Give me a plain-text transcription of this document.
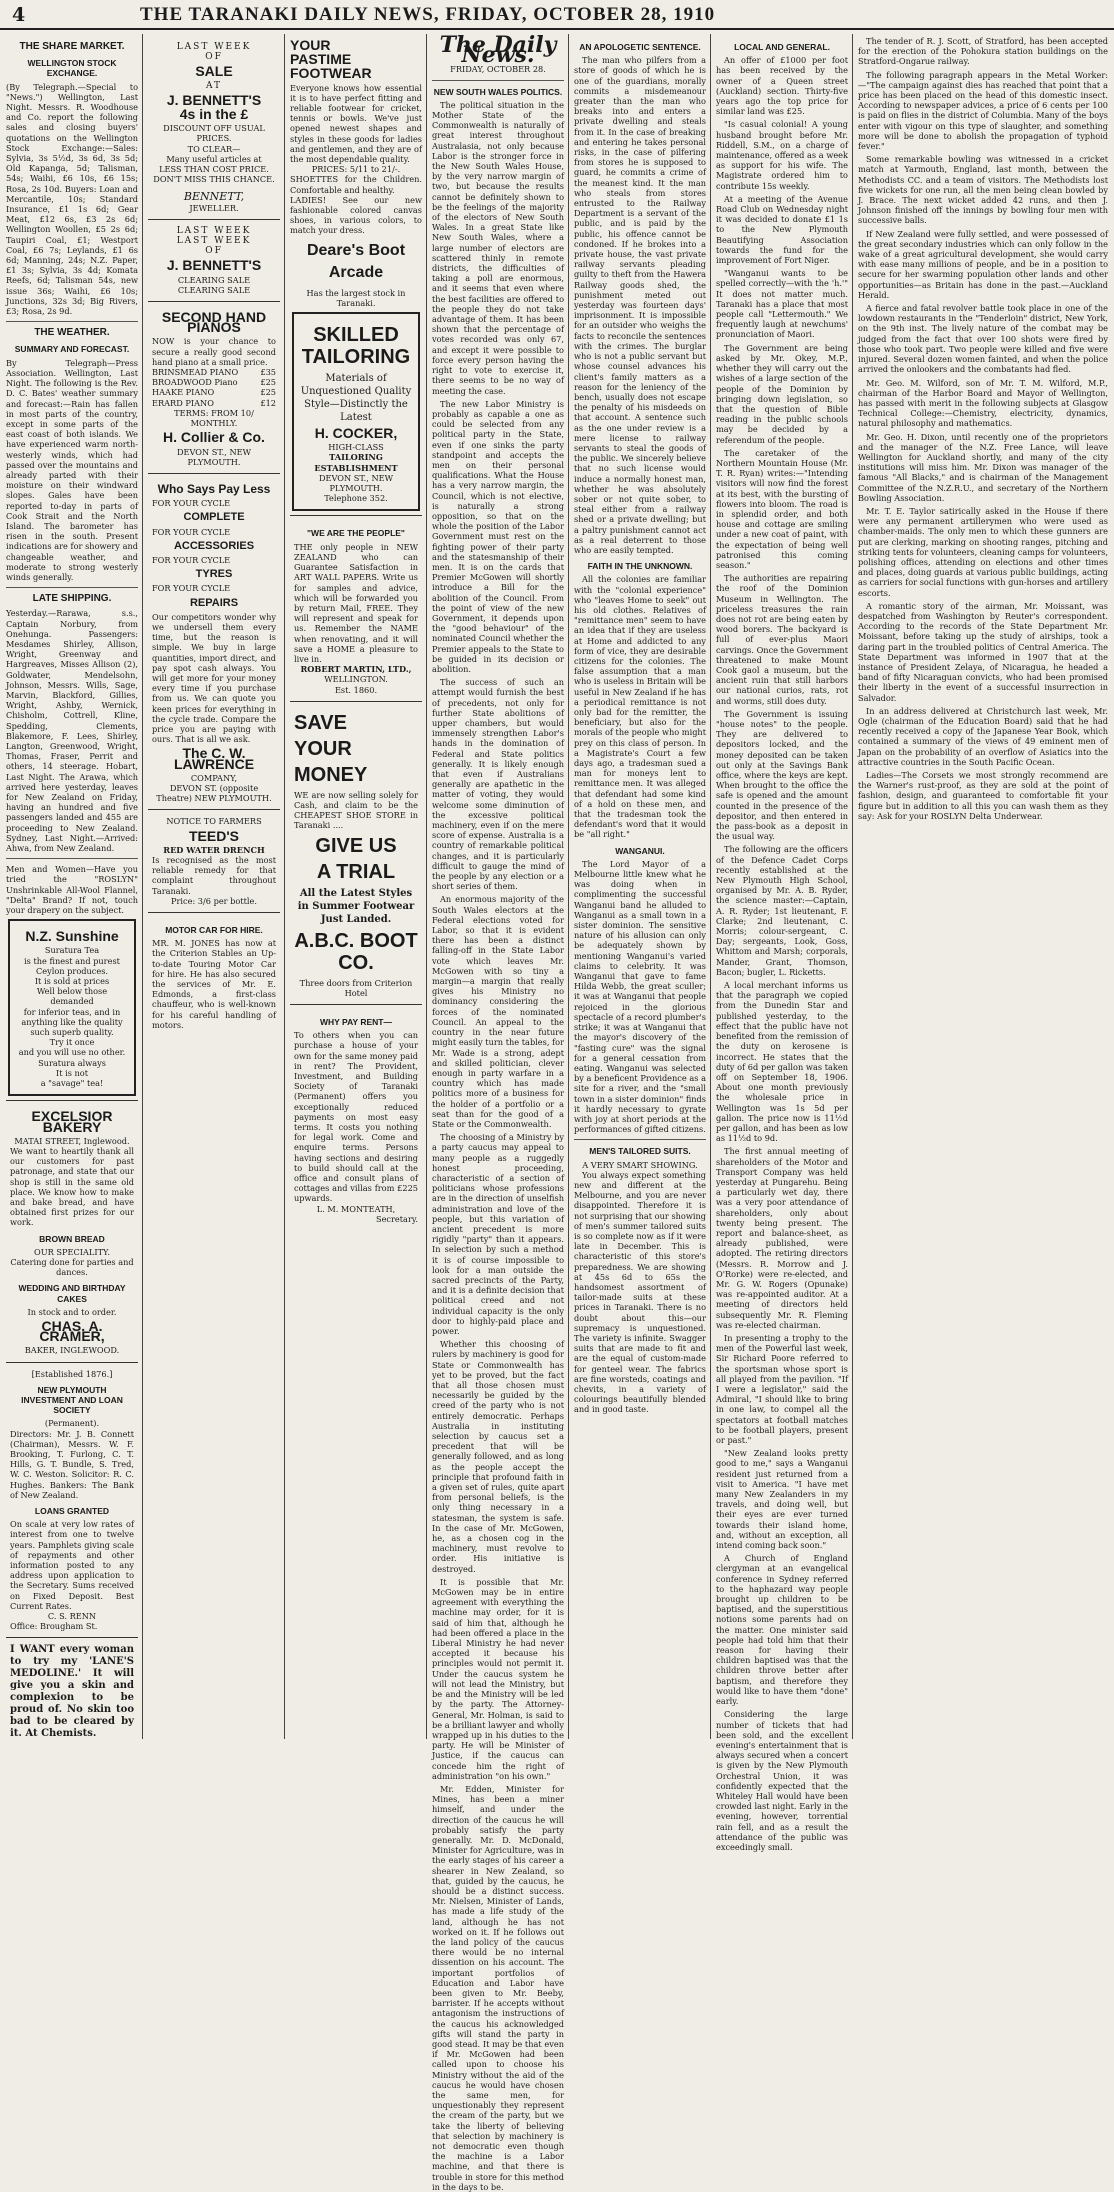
4	THE TARANAKI DAILY NEWS, FRIDAY, OCTOBER 28, 1910
THE SHARE MARKET.
WELLINGTON STOCK EXCHANGE.
(By Telegraph.—Special to "News.") Wellington, Last Night. Messrs. R. Woodhouse and Co. report the following sales and closing buyers' quotations on the Wellington Stock Exchange:—Sales: Sylvia, 3s 5½d, 3s 6d, 3s 5d; Old Kapanga, 5d; Talisman, 54s; Waihi, £6 10s, £6 15s; Rosa, 2s 10d. Buyers: Loan and Mercantile, 10s; Standard Insurance, £1 1s 6d; Gear Meat, £12 6s, £3 2s 6d; Wellington Woollen, £5 2s 6d; Taupiri Coal, £1; Westport Coal, £6 7s; Leylands, £1 6s 6d; Manning, 24s; N.Z. Paper, £1 3s; Sylvia, 3s 4d; Komata Reefs, 6d; Talisman 54s, new issue 36s; Waihi, £6 10s; Junctions, 32s 3d; Big Rivers, £3; Rosa, 2s 9d.
THE WEATHER.
SUMMARY AND FORECAST.
By Telegraph—Press Association. Wellington, Last Night. The following is the Rev. D. C. Bates' weather summary and forecast:—Rain has fallen in most parts of the country, except in some parts of the east coast of both islands. We have experienced warm north-westerly winds, which had passed over the mountains and already parted with their moisture on their windward slopes. Gales have been reported to-day in parts of Cook Strait and the North Island. The barometer has risen in the south. Present indications are for showery and changeable weather, and moderate to strong westerly winds generally.
LATE SHIPPING.
Yesterday.—Rarawa, s.s., Captain Norbury, from Onehunga. Passengers: Mesdames Shirley, Allison, Wright, Greenway and Hargreaves, Misses Allison (2), Goldwater, Mendelsohn, Johnson, Messrs. Wills, Sage, Marvin, Blackford, Gillies, Wright, Ashby, Wernick, Chisholm, Cottrell, Kline, Spedding, Clements, Blakemore, F. Lees, Shirley, Langton, Greenwood, Wright, Thomas, Fraser, Perrit and others, 14 steerage. Hobart, Last Night. The Arawa, which arrived here yesterday, leaves for New Zealand on Friday, having an hundred and five passengers landed and 455 are proceeding to New Zealand. Sydney, Last Night.—Arrived: Ahwa, from New Zealand.
Men and Women—Have you tried the "ROSLYN" Unshrinkable All-Wool Flannel, "Delta" Brand? If not, touch your drapery on the subject.
N.Z. Sunshine
Suratura Tea
is the finest and purest
Ceylon produces.
It is sold at prices
Well below those demanded
for inferior teas, and in
anything like the quality
such superb quality.
Try it once
and you will use no other.
Suratura always
It is not
a "savage" tea!
EXCELSIOR BAKERY
MATAI STREET, Inglewood.
We want to heartily thank all our customers for past patronage, and state that our shop is still in the same old place. We know how to make and bake bread, and have obtained first prizes for our work.
BROWN BREAD
OUR SPECIALITY.
Catering done for parties and dances.
WEDDING AND BIRTHDAY CAKES
In stock and to order.
CHAS. A. CRAMER,
BAKER, INGLEWOOD.
[Established 1876.]
NEW PLYMOUTH INVESTMENT AND LOAN SOCIETY
(Permanent).
Directors: Mr. J. B. Connett (Chairman), Messrs. W. F. Brooking, T. Furlong, C. T. Hills, G. T. Bundle, S. Tred, W. C. Weston. Solicitor: R. C. Hughes. Bankers: The Bank of New Zealand.
LOANS GRANTED
On scale at very low rates of interest from one to twelve years. Pamphlets giving scale of repayments and other information posted to any address upon application to the Secretary. Sums received on Fixed Deposit. Best Current Rates.
C. S. RENN
Office: Brougham St.
I WANT every woman to try my 'LANE'S MEDOLINE.' It will give you a skin and complexion to be proud of. No skin too bad to be cleared by it. At Chemists.
LAST WEEK
OF
SALE
AT
J. BENNETT'S
4s in the £
DISCOUNT OFF USUAL PRICES.
TO CLEAR—
Many useful articles at
LESS THAN COST PRICE.
DON'T MISS THIS CHANCE.
BENNETT,
JEWELLER.
LAST WEEK
LAST WEEK
OF
J. BENNETT'S
CLEARING SALE
CLEARING SALE
SECOND HAND PIANOS
NOW is your chance to secure a really good second hand piano at a small price.
BRINSMEAD PIANO	£35
BROADWOOD Piano	£25
HAAKE PIANO	£25
ERARD PIANO	£12
TERMS: FROM 10/ MONTHLY.
H. Collier & Co.
DEVON ST., NEW PLYMOUTH.
Who Says Pay Less
FOR YOUR CYCLE
COMPLETE
FOR YOUR CYCLE
ACCESSORIES
FOR YOUR CYCLE
TYRES
FOR YOUR CYCLE
REPAIRS
Our competitors wonder why we undersell them every time, but the reason is simple. We buy in large quantities, import direct, and pay spot cash always. You will get more for your money every time if you purchase from us. We can quote you keen prices for everything in the cycle trade. Compare the price you are paying with ours. That is all we ask.
The C. W. LAWRENCE
COMPANY,
DEVON ST. (opposite Theatre) NEW PLYMOUTH.
NOTICE TO FARMERS
TEED'S
RED WATER DRENCH
Is recognised as the most reliable remedy for that complaint throughout Taranaki.
Price: 3/6 per bottle.
MOTOR CAR FOR HIRE.
MR. M. JONES has now at the Criterion Stables an Up-to-date Touring Motor Car for hire. He has also secured the services of Mr. E. Edmonds, a first-class chauffeur, who is well-known for his careful handling of motors.
YOUR
PASTIME
FOOTWEAR
Everyone knows how essential it is to have perfect fitting and reliable footwear for cricket, tennis or bowls. We've just opened newest shapes and styles in these goods for ladies and gentlemen, and they are of the most dependable quality.
PRICES: 5/11 to 21/-.
SHOETTES for the Children. Comfortable and healthy.
LADIES! See our new fashionable colored canvas shoes, in various colors, to match your dress.
Deare's Boot Arcade
Has the largest stock in Taranaki.
SKILLED TAILORING
Materials of Unquestioned Quality Style—Distinctly the Latest
H. COCKER,
HIGH-CLASS
TAILORING ESTABLISHMENT
DEVON ST., NEW PLYMOUTH.
Telephone 352.
"WE ARE THE PEOPLE"
THE only people in NEW ZEALAND who can Guarantee Satisfaction in ART WALL PAPERS. Write us for samples and advice, which will be forwarded you by return Mail, FREE. They will represent and speak for us. Remember the NAME when renovating, and it will save a HOME a pleasure to live in.
ROBERT MARTIN, LTD.,
WELLINGTON.
Est. 1860.
SAVE
YOUR
MONEY
WE are now selling solely for Cash, and claim to be the CHEAPEST SHOE STORE in Taranaki ....
GIVE US
A TRIAL
All the Latest Styles in Summer Footwear Just Landed.
A.B.C. BOOT CO.
Three doors from Criterion Hotel
WHY PAY RENT—
To others when you can purchase a house of your own for the same money paid in rent? The Provident, Investment, and Building Society of Taranaki (Permanent) offers you exceptionally reduced payments on most easy terms. It costs you nothing for legal work. Come and enquire terms. Persons having sections and desiring to build should call at the office and consult plans of cottages and villas from £225 upwards.
L. M. MONTEATH,
Secretary.
The Daily News.
FRIDAY, OCTOBER 28.
NEW SOUTH WALES POLITICS.

The political situation in the Mother State of the Commonwealth is naturally of great interest throughout Australasia, not only because Labor is the stronger force in the New South Wales House, by the very narrow margin of two, but because the results cannot be definitely shown to be the feelings of the majority of the electors of New South Wales. In a great State like New South Wales, where a large number of electors are scattered thinly in remote districts, the difficulties of taking a poll are enormous, and it seems that even where the best facilities are offered to the people they do not take advantage of them. It has been shown that the percentage of votes recorded was only 67, and except it were possible to force every person having the right to vote to exercise it, there seems to be no way of meeting the case.

The new Labor Ministry is probably as capable a one as could be selected from any political party in the State, even if one sinks the party standpoint and accepts the men on their personal qualifications. What the House has a very narrow margin, the Council, which is not elective, is naturally a strong opposition, so that on the whole the position of the Labor Government must rest on the fighting power of their party and the statesmanship of their men. It is on the cards that Premier McGowen will shortly introduce a Bill for the abolition of the Council. From the point of view of the new Government, it depends upon the "good behaviour" of the nominated Council whether the Premier appeals to the State to be guided in its decision or abolition.

The success of such an attempt would furnish the best of precedents, not only for further State abolitions of upper chambers, but would immensely strengthen Labor's hands in the domination of Federal and State politics generally. It is likely enough that even if Australians generally are apathetic in the matter of voting, they would welcome some diminution of the excessive political machinery, even if on the mere score of expense. Australia is a country of remarkable political changes, and it is particularly difficult to gauge the mind of the people by any election or a short series of them.

An enormous majority of the South Wales electors at the Federal elections voted for Labor, so that it is evident there has been a distinct falling-off in the State Labor vote which leaves Mr. McGowen with so tiny a margin—a margin that really gives his Ministry no dominancy considering the forces of the nominated Council. An appeal to the country in the near future might easily turn the tables, for Mr. Wade is a strong, adept and skilled politician, clever enough in party warfare in a country which has made politics more of a business for the holder of a portfolio or a seat than for the good of a State or the Commonwealth.

The choosing of a Ministry by a party caucus may appeal to many people as a ruggedly honest proceeding, characteristic of a section of politicians whose professions are in the direction of unselfish administration and love of the people, but this variation of ancient precedent is more rigidly "party" than it appears. In selection by such a method it is of course impossible to look for a man outside the sacred precincts of the Party, and it is a definite decision that political creed and not individual capacity is the only door to highly-paid place and power.

Whether this choosing of rulers by machinery is good for State or Commonwealth has yet to be proved, but the fact that all those chosen must necessarily be guided by the creed of the party who is not entirely democratic. Perhaps Australia in instituting selection by caucus set a precedent that will be generally followed, and as long as the people accept the principle that profound faith in a given set of rules, quite apart from personal beliefs, is the only thing necessary in a statesman, the system is safe. In the case of Mr. McGowen, he, as a chosen cog in the machinery, must revolve to order. His initiative is destroyed.

It is possible that Mr. McGowen may be in entire agreement with everything the machine may order, for it is said of him that, although he had been offered a place in the Liberal Ministry he had never accepted it because his principles would not permit it. Under the caucus system he will not lead the Ministry, but be and the Ministry will be led by the party. The Attorney-General, Mr. Holman, is said to be a brilliant lawyer and wholly wrapped up in his duties to the party. He will be Minister of Justice, if the caucus can concede him the right of administration "on his own."

Mr. Edden, Minister for Mines, has been a miner himself, and under the direction of the caucus he will probably satisfy the party generally. Mr. D. McDonald, Minister for Agriculture, was in the early stages of his career a shearer in New Zealand, so that, guided by the caucus, he should be a distinct success. Mr. Nielsen, Minister of Lands, has made a life study of the land, although he has not worked on it. If he follows out the land policy of the caucus there would be no internal dissention on his account. The important portfolios of Education and Labor have been given to Mr. Beeby, barrister. If he accepts without antagonism the instructions of the caucus his acknowledged gifts will stand the party in good stead. It may be that even if Mr. McGowen had been called upon to choose his Ministry without the aid of the caucus he would have chosen the same men, for unquestionably they represent the cream of the party, but we take the liberty of believing that selection by machinery is not democratic even though the machine is a Labor machine, and that there is trouble in store for this method in the days to be.

AN APOLOGETIC SENTENCE.

The man who pilfers from a store of goods of which he is one of the guardians, morally commits a misdemeanour greater than the man who breaks into and enters a private dwelling and steals from it. In the case of breaking and entering he takes personal risks, in the case of pilfering from stores he is supposed to guard, he commits a crime of the meanest kind. It the man who steals from stores entrusted to the Railway Department is a servant of the public, and is paid by the public, his offence cannot be condoned. If he brokes into a private house, the vast private railway servants pleading guilty to theft from the Hawera Railway goods shed, the punishment meted out yesterday was fourteen days' imprisonment. It is impossible for an outsider who weighs the facts to reconcile the sentences with the crimes. The burglar who is not a public servant but whose counsel advances his client's family matters as a reason for the leniency of the bench, usually does not escape the penalty of his misdeeds on that account. A sentence such as the one under review is a mere license to railway servants to steal the goods of the public. We sincerely believe that no such license would induce a normally honest man, whether he was absolutely sober or not quite sober, to steal either from a railway shed or a private dwelling; but a paltry punishment cannot act as a real deterrent to those who are easily tempted.

FAITH IN THE UNKNOWN.

All the colonies are familiar with the "colonial experience" who "leaves Home to seek" out his old clothes. Relatives of "remittance men" seem to have an idea that if they are useless at Home and addicted to any form of vice, they are desirable citizens for the colonies. The false assumption that a man who is useless in Britain will be useful in New Zealand if he has a periodical remittance is not only bad for the remitter, the beneficiary, but also for the morals of the people who might prey on this class of person. In a Magistrate's Court a few days ago, a tradesman sued a man for moneys lent to remittance men. It was alleged that defendant had some kind of a hold on these men, and that the tradesman took the defendant's word that it would be "all right."

WANGANUI.

The Lord Mayor of a Melbourne little knew what he was doing when in complimenting the successful Wanganui band he alluded to Wanganui as a small town in a sister dominion. The sensitive nature of his allusion can only be adequately shown by mentioning Wanganui's varied claims to celebrity. It was Wanganui that gave to fame Hilda Webb, the great sculler; it was at Wanganui that people rejoiced in the glorious spectacle of a record plumber's strike; it was at Wanganui that the mayor's discovery of the "fasting cure" was the signal for a general cessation from eating. Wanganui was selected by a beneficent Providence as a site for a river, and the "small town in a sister dominion" finds it hardly necessary to gyrate with joy at short periods at the performances of gifted citizens.

MEN'S TAILORED SUITS.
A VERY SMART SHOWING.

You always expect something new and different at the Melbourne, and you are never disappointed. Therefore it is not surprising that our showing of men's summer tailored suits is so complete now as if it were late in December. This is characteristic of this store's preparedness. We are showing at 45s 6d to 65s the handsomest assortment of tailor-made suits at these prices in Taranaki. There is no doubt about this—our supremacy is unquestioned. The variety is infinite. Swagger suits that are made to fit and are the equal of custom-made for genteel wear. The fabrics are fine worsteds, coatings and chevits, in a variety of colourings beautifully blended and in good taste.

LOCAL AND GENERAL.

An offer of £1000 per foot has been received by the owner of a Queen street (Auckland) section. Thirty-five years ago the top price for similar land was £25.

"Is casual colonial! A young husband brought before Mr. Riddell, S.M., on a charge of maintenance, offered as a week as support for his wife. The Magistrate ordered him to contribute 15s weekly.

At a meeting of the Avenue Road Club on Wednesday night it was decided to donate £1 1s to the New Plymouth Beautifying Association towards the fund for the improvement of Fort Niger.

"Wanganui wants to be spelled correctly—with the 'h.'" It does not matter much. Taranaki has a place that most people call "Lettermouth." We frequently laugh at newchums' pronunciation of Maori.

The Government are being asked by Mr. Okey, M.P., whether they will carry out the wishes of a large section of the people of the Dominion by bringing down legislation, so that the question of Bible reading in the public schools may be decided by a referendum of the people.

The caretaker of the Northern Mountain House (Mr. T. R. Ryan) writes:—"Intending visitors will now find the forest at its best, with the bursting of flowers into bloom. The road is in splendid order, and both house and cottage are smiling under a new coat of paint, with the expectation of being well patronised this coming season."

The authorities are repairing the roof of the Dominion Museum in Wellington. The priceless treasures the rain does not rot are being eaten by wood borers. The backyard is full of ever-plus Maori carvings. Once the Government threatened to make Mount Cook gaol a museum, but the ancient ruin that still harbors our national curios, rats, rot and worms, still does duty.

The Government is issuing "house notes" to the people. They are delivered to depositors locked, and the money deposited can be taken out only at the Savings Bank office, where the keys are kept. When brought to the office the safe is opened and the amount counted in the presence of the depositor, and then entered in the pass-book as a deposit in the usual way.

The following are the officers of the Defence Cadet Corps recently established at the New Plymouth High School, organised by Mr. A. B. Ryder, the science master:—Captain, A. R. Ryder; 1st lieutenant, F. Clarke; 2nd lieutenant, C. Morris; colour-sergeant, C. Day; sergeants, Look, Goss, Whittom and Marsh; corporals, Mander, Grant, Thomson, Bacon; bugler, L. Ricketts.

A local merchant informs us that the paragraph we copied from the Dunedin Star and published yesterday, to the effect that the public have not benefited from the remission of the duty on kerosene is incorrect. He states that the duty of 6d per gallon was taken off on September 18, 1906. About one month previously the wholesale price in Wellington was 1s 5d per gallon. The price now is 11½d per gallon, and has been as low as 11½d to 9d.

The first annual meeting of shareholders of the Motor and Transport Company was held yesterday at Pungarehu. Being a particularly wet day, there was a very poor attendance of shareholders, only about twenty being present. The report and balance-sheet, as already published, were adopted. The retiring directors (Messrs. R. Morrow and J. O'Rorke) were re-elected, and Mr. G. W. Rogers (Opunake) was re-appointed auditor. At a meeting of directors held subsequently Mr. R. Fleming was re-elected chairman.

In presenting a trophy to the men of the Powerful last week, Sir Richard Poore referred to the sportsman whose sport is all played from the pavilion. "If I were a legislator," said the Admiral, "I should like to bring in one law, to compel all the spectators at football matches to be football players, present or past."

"New Zealand looks pretty good to me," says a Wanganui resident just returned from a visit to America. "I have met many New Zealanders in my travels, and doing well, but their eyes are ever turned towards their island home, and, without an exception, all intend coming back soon."

A Church of England clergyman at an evangelical conference in Sydney referred to the haphazard way people brought up children to be baptised, and the superstitious notions some parents had on the matter. One minister said people had told him that their reason for having their children baptised was that the children throve better after baptism, and therefore they would like to have them "done" early.

Considering the large number of tickets that had been sold, and the excellent evening's entertainment that is always secured when a concert is given by the New Plymouth Orchestral Union, it was confidently expected that the Whiteley Hall would have been crowded last night. Early in the evening, however, torrential rain fell, and as a result the attendance of the public was exceedingly small.

The tender of R. J. Scott, of Stratford, has been accepted for the erection of the Pohokura station buildings on the Stratford-Ongarue railway.

The following paragraph appears in the Metal Worker:—"The campaign against dies has reached that point that a price has been placed on the head of this domestic insect. According to newspaper advices, a price of 6 cents per 100 is paid on flies in the district of Columbia. Many of the boys enter with vigour on this type of slaughter, and something more will be done to abolish the propagation of typhoid fever."

Some remarkable bowling was witnessed in a cricket match at Yarmouth, England, last month, between the Methodists CC. and a team of visitors. The Methodists lost five wickets for one run, all the men being clean bowled by J. Brace. The next wicket added 42 runs, and then J. Johnson finished off the innings by bowling four men with successive balls.

If New Zealand were fully settled, and were possessed of the great secondary industries which can only follow in the wake of a great agricultural development, she would carry with ease many millions of people, and be in a position to secure for her swarming population other lands and other opportunities—as Britain has done in the past.—Auckland Herald.

A fierce and fatal revolver battle took place in one of the lowdown restaurants in the "Tenderloin" district, New York, on the 9th inst. The lively nature of the combat may be judged from the fact that over 100 shots were fired by those who took part. Two people were killed and five were injured. Several dozen women fainted, and when the police arrived the onlookers and the combatants had fled.

Mr. Geo. M. Wilford, son of Mr. T. M. Wilford, M.P., chairman of the Harbor Board and Mayor of Wellington, has passed with merit in the following subjects at Glasgow Technical College:—Chemistry, electricity, dynamics, natural philosophy and mathematics.

Mr. Geo. H. Dixon, until recently one of the proprietors and the manager of the N.Z. Free Lance, will leave Wellington for Auckland shortly, and many of the city institutions will miss him. Mr. Dixon was manager of the famous "All Blacks," and is chairman of the Management Committee of the N.Z.R.U., and secretary of the Northern Bowling Association.

Mr. T. E. Taylor satirically asked in the House if there were any permanent artillerymen who were used as chamber-maids. The only men to which these gunners are put are clerking, marking on shooting ranges, pitching and striking tents for volunteers, cleaning camps for volunteers, polishing offices, attending on elections and other times and places, doing guards at various public buildings, acting as carriers for social functions with gun-horses and artillery escorts.

A romantic story of the airman, Mr. Moissant, was despatched from Washington by Reuter's correspondent. According to the records of the State Department Mr. Moissant, before taking up the study of airships, took a daring part in the troubled politics of Central America. The State Department was informed in 1907 that at the instance of President Zelaya, of Nicaragua, he headed a band of fifty Nicaraguan convicts, who had been promised their liberty in the event of a successful insurrection in Salvador.

In an address delivered at Christchurch last week, Mr. Ogle (chairman of the Education Board) said that he had recently received a copy of the Japanese Year Book, which contained a summary of the views of 49 eminent men of Japan on the probability of an overflow of Asiatics into the attractive countries in the South Pacific Ocean.

Ladies—The Corsets we most strongly recommend are the Warner's rust-proof, as they are sold at the point of fashion, design, and guaranteed to comfortable fit your figure but in addition to all this you can wash them as they say: Ask for your ROSLYN Delta Underwear.
